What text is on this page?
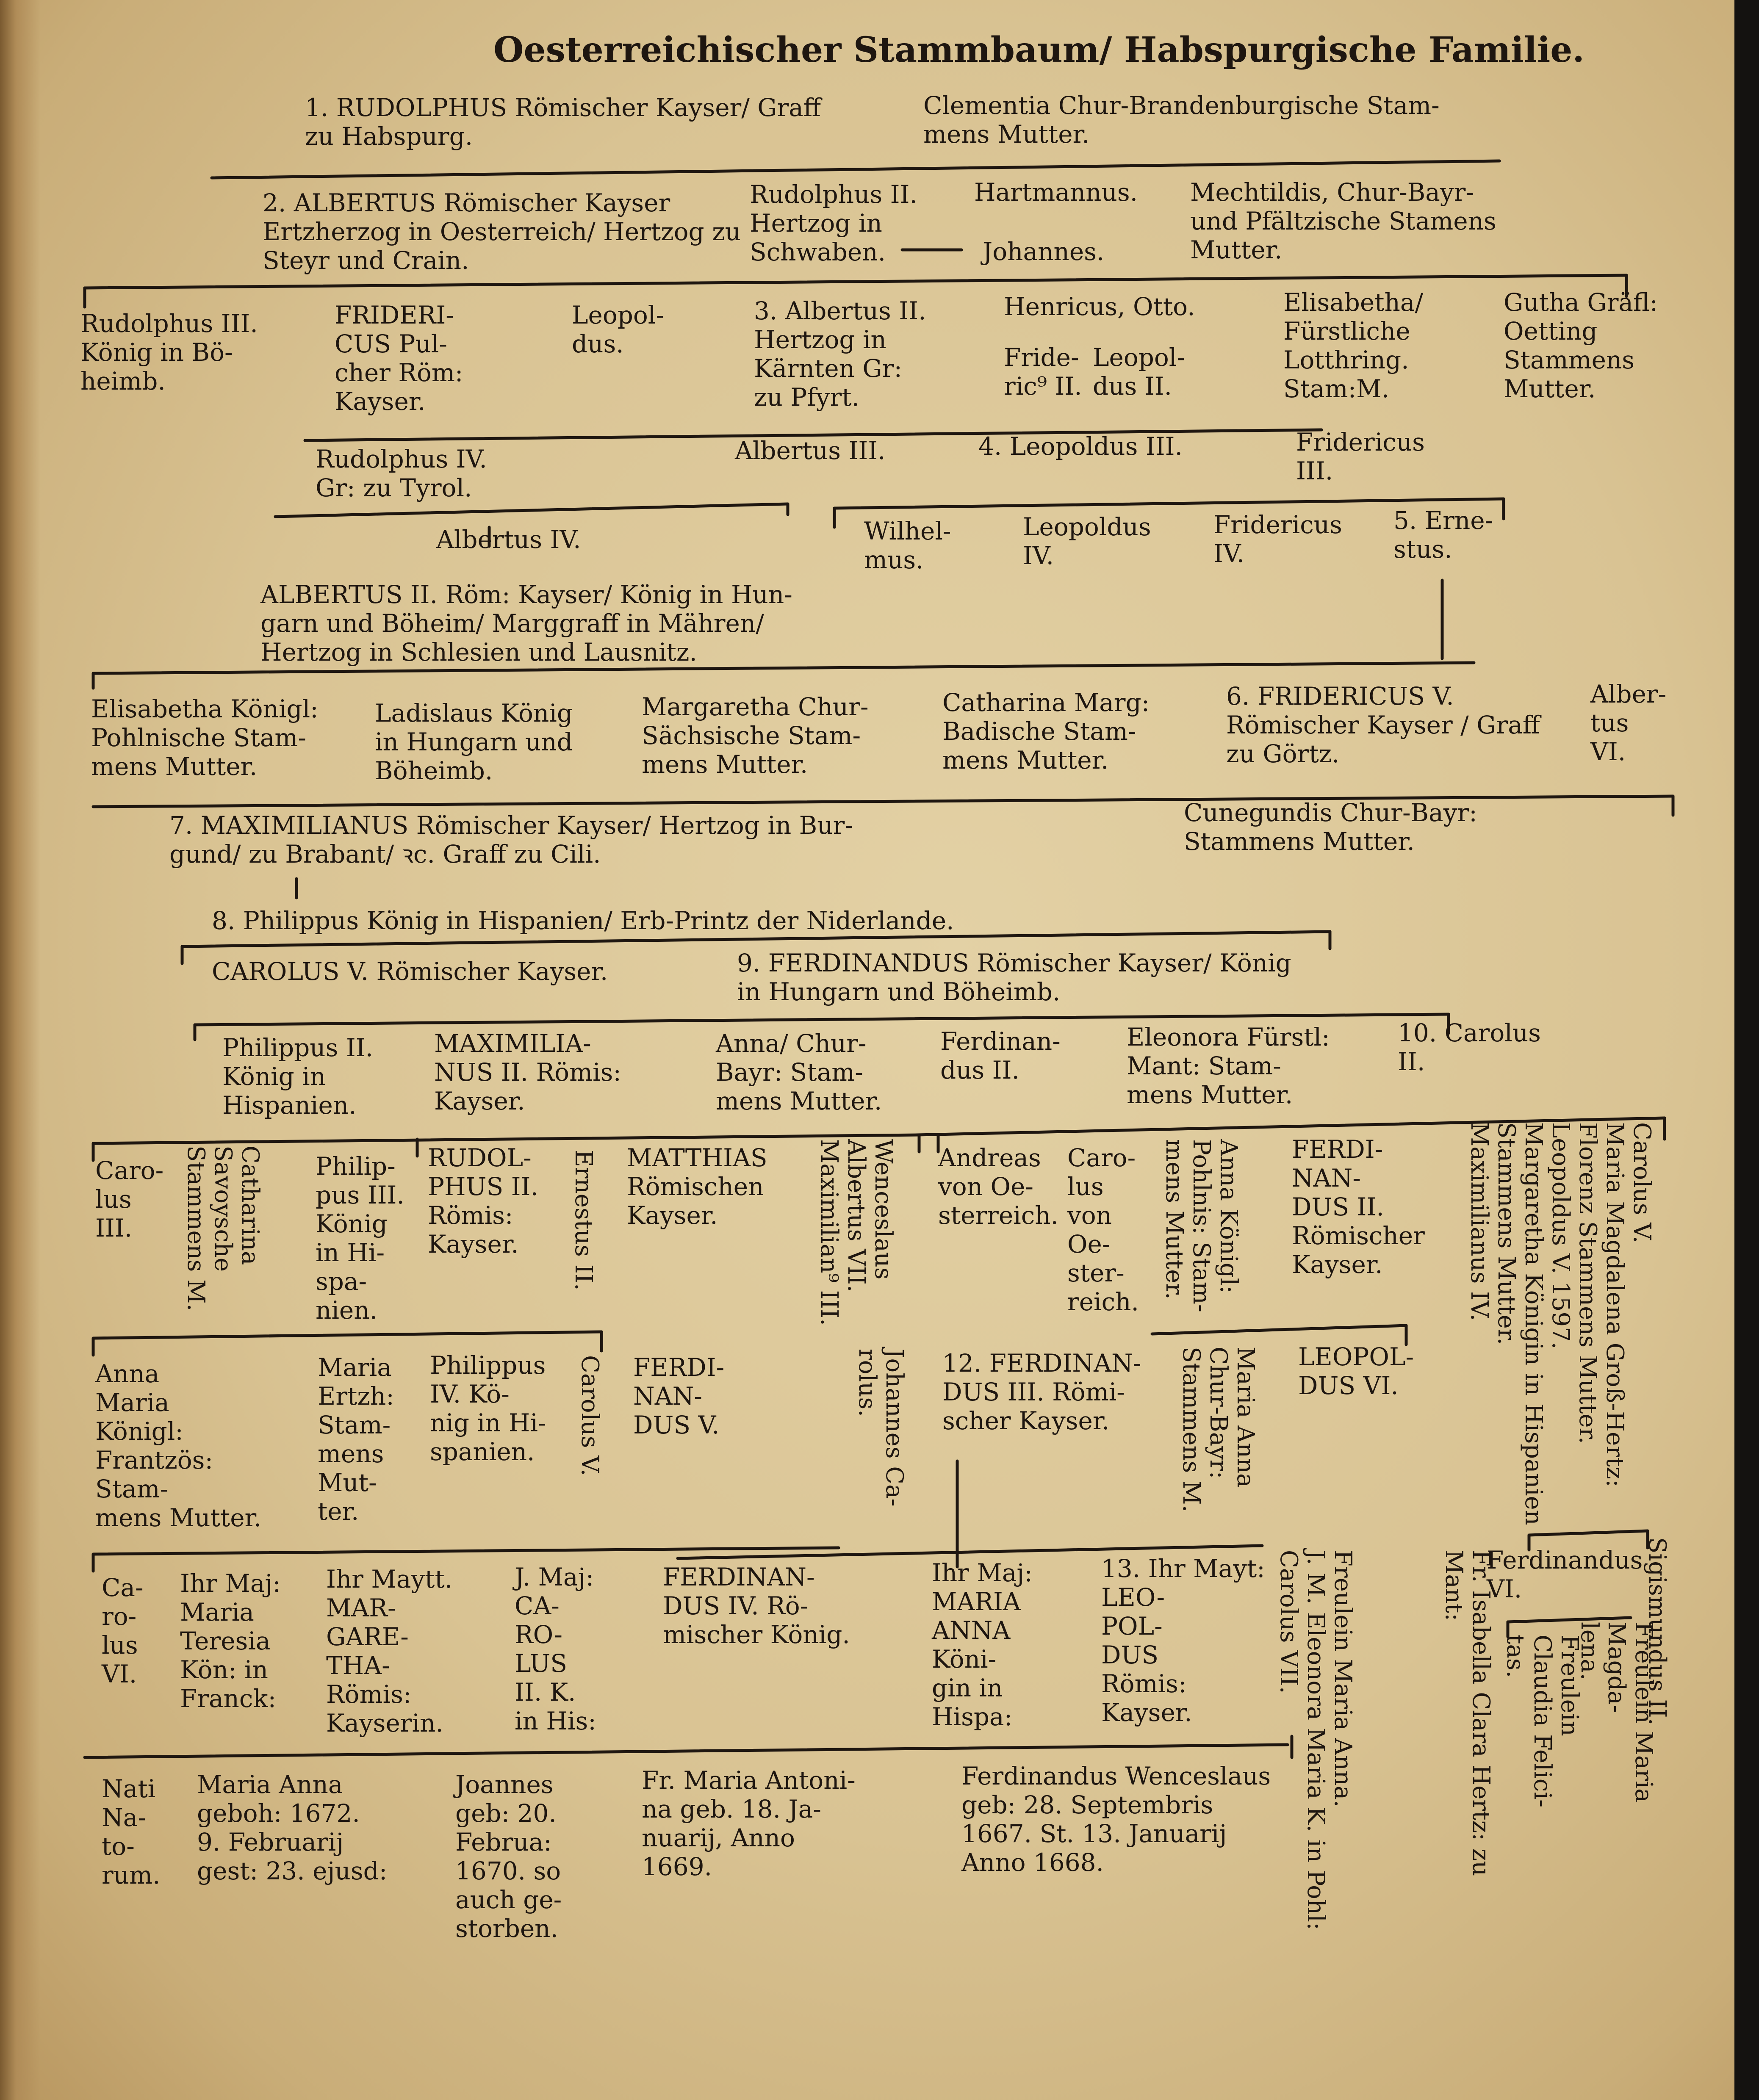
Oesterreichischer Stammbaum/ Habspurgische Familie.

1. RUDOLPHUS Römischer Kayser/ Graff
zu Habspurg.

Clementia Chur-Brandenburgische Stam-
mens Mutter.

2. ALBERTUS Römischer Kayser
Ertzherzog in Oesterreich/ Hertzog zu
Steyr und Crain.

Rudolphus II.
Hertzog in
Schwaben.

Hartmannus.

Johannes.

Mechtildis, Chur-Bayr-
und Pfältzische Stamens
Mutter.

Rudolphus III.
König in Bö-
heimb.

FRIDERI-
CUS Pul-
cher Röm:
Kayser.

Leopol-
dus.

3. Albertus II.
Hertzog in
Kärnten Gr:
zu Pfyrt.

Henricus, Otto.

Fride-
ric⁹ II.

Leopol-
dus II.

Elisabetha/
Fürstliche
Lotthring.
Stam:M.

Gutha Gräfl:
Oetting
Stammens
Mutter.

Rudolphus IV.
Gr: zu Tyrol.

Albertus III.	4. Leopoldus III.	Fridericus
III.

Albertus IV.	Wilhel-
mus.

Leopoldus
IV.

Fridericus
IV.

5. Erne-
stus.

ALBERTUS II. Röm: Kayser/ König in Hun-
garn und Böheim/ Marggraff in Mähren/
Hertzog in Schlesien und Lausnitz.

Elisabetha Königl:
Pohlnische Stam-
mens Mutter.

Ladislaus König
in Hungarn und
Böheimb.

Margaretha Chur-
Sächsische Stam-
mens Mutter.

Catharina Marg:
Badische Stam-
mens Mutter.

6. FRIDERICUS V.
Römischer Kayser / Graff
zu Görtz.

Alber-
tus
VI.

7. MAXIMILIANUS Römischer Kayser/ Hertzog in Bur-
gund/ zu Brabant/ ꝛc. Graff zu Cili.

Cunegundis Chur-Bayr:
Stammens Mutter.

8. Philippus König in Hispanien/ Erb-Printz der Niderlande.

CAROLUS V. Römischer Kayser.	9. FERDINANDUS Römischer Kayser/ König
in Hungarn und Böheimb.

Philippus II.
König in
Hispanien.

MAXIMILIA-
NUS II. Römis:
Kayser.

Anna/ Chur-
Bayr: Stam-
mens Mutter.

Ferdinan-
dus II.

Eleonora Fürstl:
Mant: Stam-
mens Mutter.

10. Carolus
II.

Caro-
lus
III.	Catharina
Savoysche
Stammens M.

Philip-
pus III.
König
in Hi-
spa-
nien.

RUDOL-
PHUS II.
Römis:
Kayser.	Ernestus II. MATTHIAS
Römischen
Kayser.	Wenceslaus
Albertus VII.
Maximilian⁹ III.

Andreas
von Oe-
sterreich.

Caro-
lus
von
Oe-
ster-
reich.

Anna Königl:
Pohlnis: Stam-
mens Mutter.

FERDI-
NAN-
DUS II.
Römischer
Kayser.

Carolus V.
Maria Magdalena Groß-Hertz:
Florenz Stammens Mutter.
Leopoldus V. 1597.
Margaretha Königin in Hispanien
Stammens Mutter.
Maximilianus IV.

Anna
Maria
Königl:
Frantzös:
Stam-
mens Mutter.

Maria
Ertzh:
Stam-
mens
Mut-
ter.

Philippus
IV. Kö-
nig in Hi-
spanien.	Carolus V. FERDI-
NAN-
DUS V.	Johannes Ca-
rolus.	12. FERDINAN-
DUS III. Römi-
scher Kayser.

Maria Anna
Chur-Bayr:
Stammens M.

LEOPOL-
DUS VI.

Ca-
ro-
lus
VI.

Ihr Maj:
Maria
Teresia
Kön: in
Franck:

Ihr Maytt.
MAR-
GARE-
THA-
Römis:
Kayserin.

J. Maj:
CA-
RO-
LUS
II. K.
in His:

FERDINAN-
DUS IV. Rö-
mischer König.

Ihr Maj:
MARIA
ANNA
Köni-
gin in
Hispa:

13. Ihr Mayt:
LEO-
POL-
DUS
Römis:
Kayser.

Freulein Maria Anna.
J. M. Eleonora Maria K. in Pohl:
Carolus VII.	Fr. Isabella Clara Hertz: zu Mant: Ferdinandus
VI.	Sigismundus II.

Freulein Claudia Felici-
tas.	Freulein Maria Magda-
lena.

Nati
Na-
to-
rum.

Maria Anna
geboh: 1672.
9. Februarij
gest: 23. ejusd:

Joannes
geb: 20.
Februa:
1670. so
auch ge-
storben.

Fr. Maria Antoni-
na geb. 18. Ja-
nuarij, Anno
1669.

Ferdinandus Wenceslaus
geb: 28. Septembris
1667. St. 13. Januarij
Anno 1668.
